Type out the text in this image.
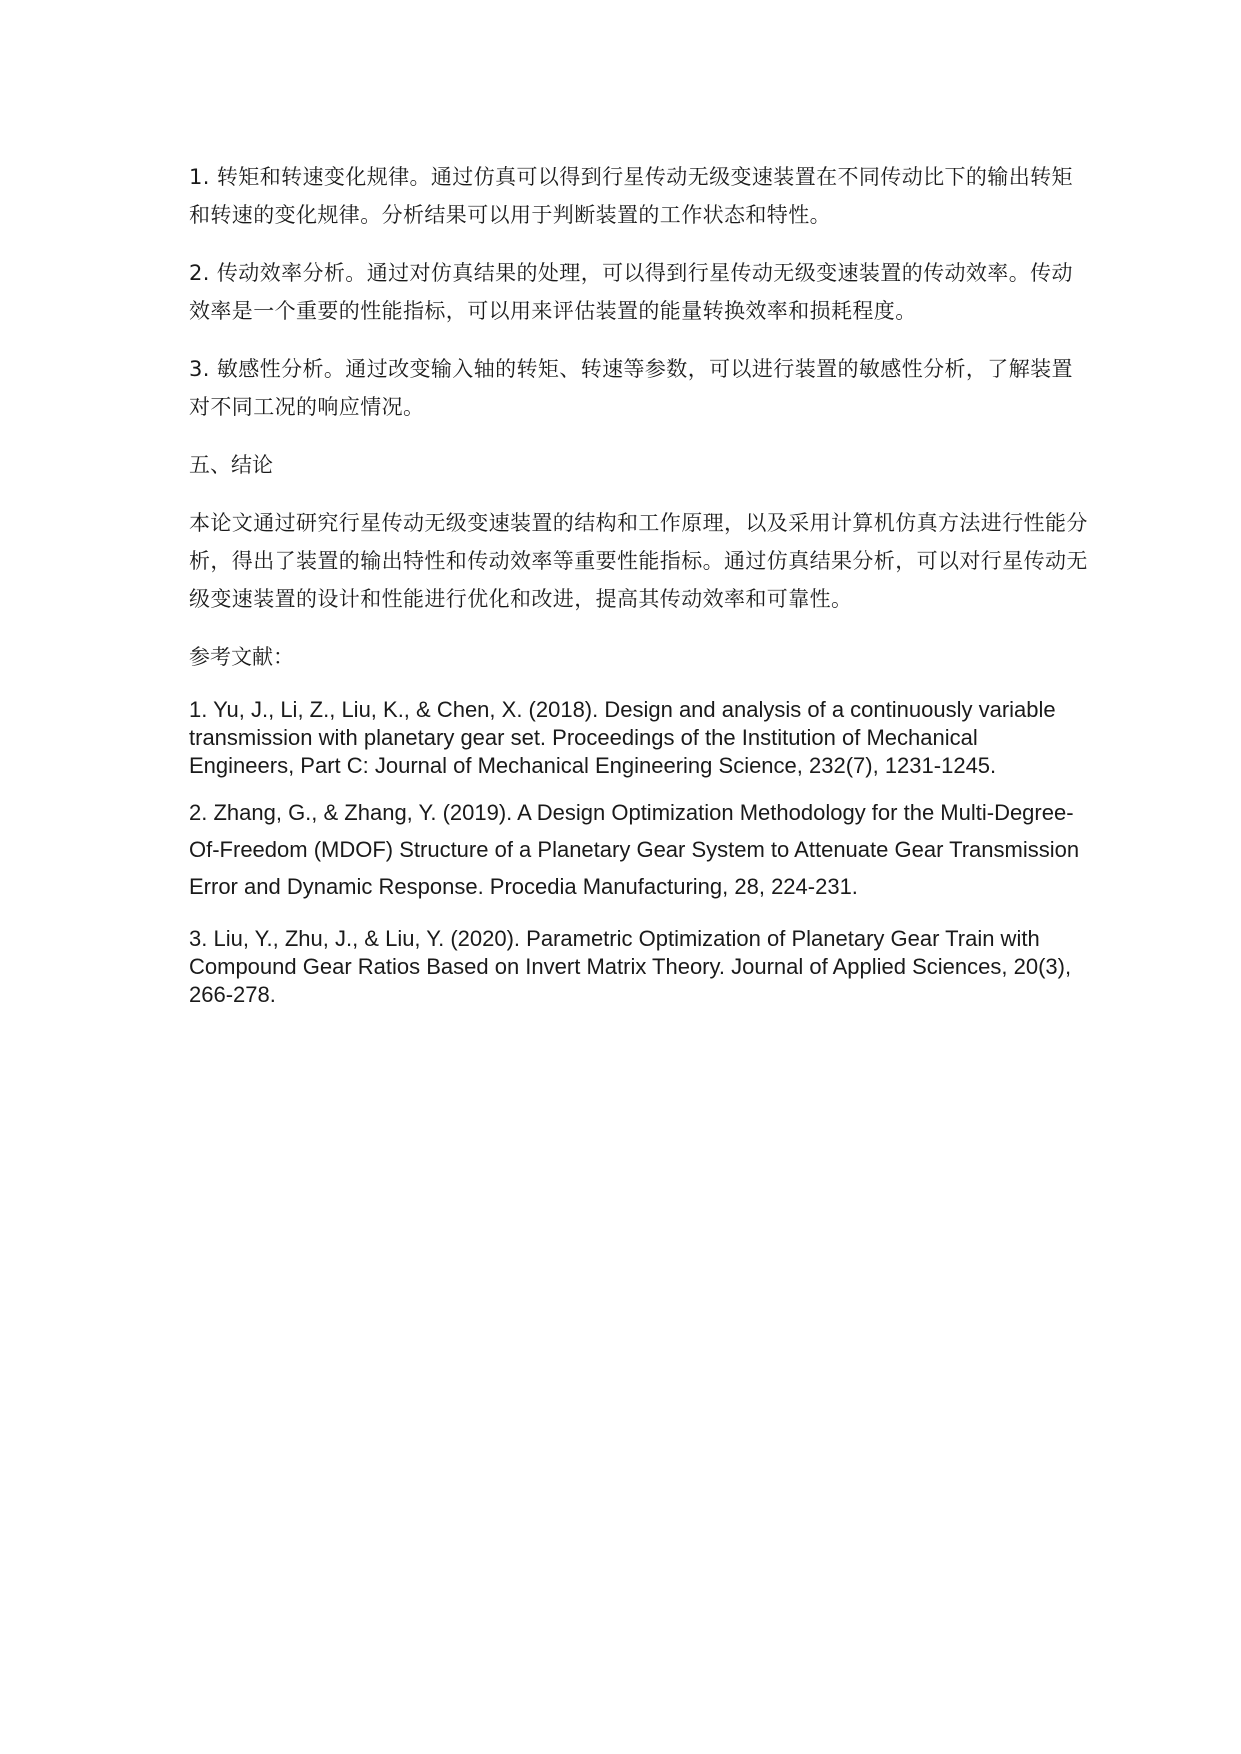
1. 转矩和转速变化规律。通过仿真可以得到行星传动无级变速装置在不同传动比下的输出转矩和转速的变化规律。分析结果可以用于判断装置的工作状态和特性。

2. 传动效率分析。通过对仿真结果的处理，可以得到行星传动无级变速装置的传动效率。传动效率是一个重要的性能指标，可以用来评估装置的能量转换效率和损耗程度。

3. 敏感性分析。通过改变输入轴的转矩、转速等参数，可以进行装置的敏感性分析，了解装置对不同工况的响应情况。

五、结论

本论文通过研究行星传动无级变速装置的结构和工作原理，以及采用计算机仿真方法进行性能分析，得出了装置的输出特性和传动效率等重要性能指标。通过仿真结果分析，可以对行星传动无级变速装置的设计和性能进行优化和改进，提高其传动效率和可靠性。

参考文献：

1. Yu, J., Li, Z., Liu, K., & Chen, X. (2018). Design and analysis of a continuously variable transmission with planetary gear set. Proceedings of the Institution of Mechanical Engineers, Part C: Journal of Mechanical Engineering Science, 232(7), 1231-1245.

2. Zhang, G., & Zhang, Y. (2019). A Design Optimization Methodology for the Multi-Degree-Of-Freedom (MDOF) Structure of a Planetary Gear System to Attenuate Gear Transmission Error and Dynamic Response. Procedia Manufacturing, 28, 224-231.

3. Liu, Y., Zhu, J., & Liu, Y. (2020). Parametric Optimization of Planetary Gear Train with Compound Gear Ratios Based on Invert Matrix Theory. Journal of Applied Sciences, 20(3), 266-278.
